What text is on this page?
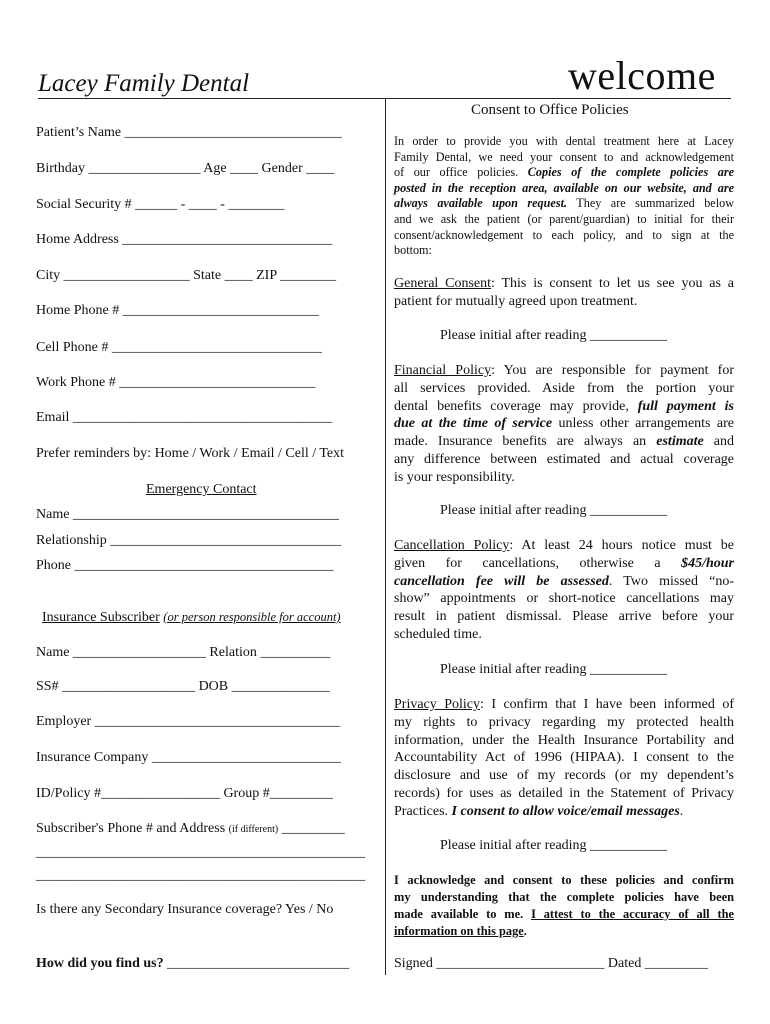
Lacey Family Dental	welcome
Consent to Office Policies
Patient’s Name _______________________________
Birthday ________________ Age ____ Gender ____
Social Security # ______ - ____ - ________
Home Address ______________________________
City __________________ State ____ ZIP ________
Home Phone # ____________________________
Cell Phone # ______________________________
Work Phone # ____________________________
Email _____________________________________
Prefer reminders by: Home / Work / Email / Cell / Text
Emergency Contact
Name ______________________________________
Relationship _________________________________
Phone _____________________________________
Insurance Subscriber (or person responsible for account)
Name ___________________ Relation __________
SS# ___________________ DOB ______________
Employer ___________________________________
Insurance Company ___________________________
ID/Policy #_________________ Group #_________
Subscriber's Phone # and Address (if different) _________
_______________________________________________
_______________________________________________
Is there any Secondary Insurance coverage? Yes / No
How did you find us? __________________________
In order to provide you with dental treatment here at Lacey
Family Dental, we need your consent to and acknowledgement
of our office policies. Copies of the complete policies are
posted in the reception area, available on our website, and are
always available upon request. They are summarized below
and we ask the patient (or parent/guardian) to initial for their
consent/acknowledgement to each policy, and to sign at the
bottom:
General Consent: This is consent to let us see you as a
patient for mutually agreed upon treatment.
Please initial after reading ___________
Financial Policy: You are responsible for payment for
all services provided. Aside from the portion your
dental benefits coverage may provide, full payment is
due at the time of service unless other arrangements are
made. Insurance benefits are always an estimate and
any difference between estimated and actual coverage
is your responsibility.
Please initial after reading ___________
Cancellation Policy: At least 24 hours notice must be
given for cancellations, otherwise a $45/hour
cancellation fee will be assessed. Two missed “no-
show” appointments or short-notice cancellations may
result in patient dismissal. Please arrive before your
scheduled time.
Please initial after reading ___________
Privacy Policy: I confirm that I have been informed of
my rights to privacy regarding my protected health
information, under the Health Insurance Portability and
Accountability Act of 1996 (HIPAA). I consent to the
disclosure and use of my records (or my dependent’s
records) for uses as detailed in the Statement of Privacy
Practices. I consent to allow voice/email messages.
Please initial after reading ___________
I acknowledge and consent to these policies and confirm
my understanding that the complete policies have been
made available to me. I attest to the accuracy of all the
information on this page.
Signed ________________________ Dated _________
